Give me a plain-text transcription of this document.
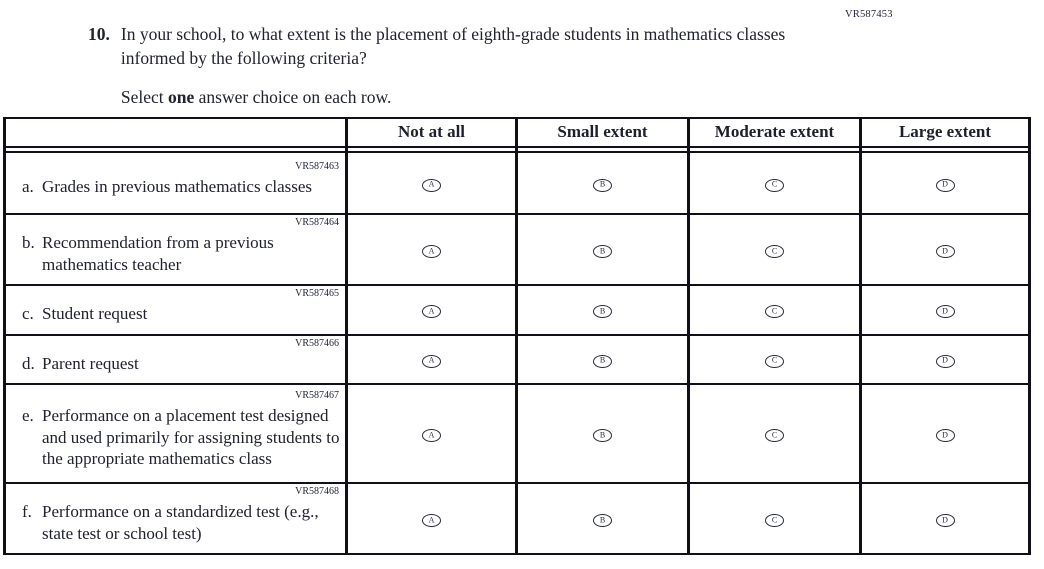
VR587453
10. In your school, to what extent is the placement of eighth-grade students in mathematics classes informed by the following criteria?

Select one answer choice on each row.

	Not at all	Small extent	Moderate extent	Large extent

VR587463
a. Grades in previous mathematics classes	A	B	C	D

VR587464
b. Recommendation from a previous mathematics teacher	A	B	C	D

VR587465
c. Student request	A	B	C	D

VR587466
d. Parent request	A	B	C	D

VR587467
e. Performance on a placement test designed and used primarily for assigning students to the appropriate mathematics class	A	B	C	D

VR587468
f. Performance on a standardized test (e.g., state test or school test)	A	B	C	D
